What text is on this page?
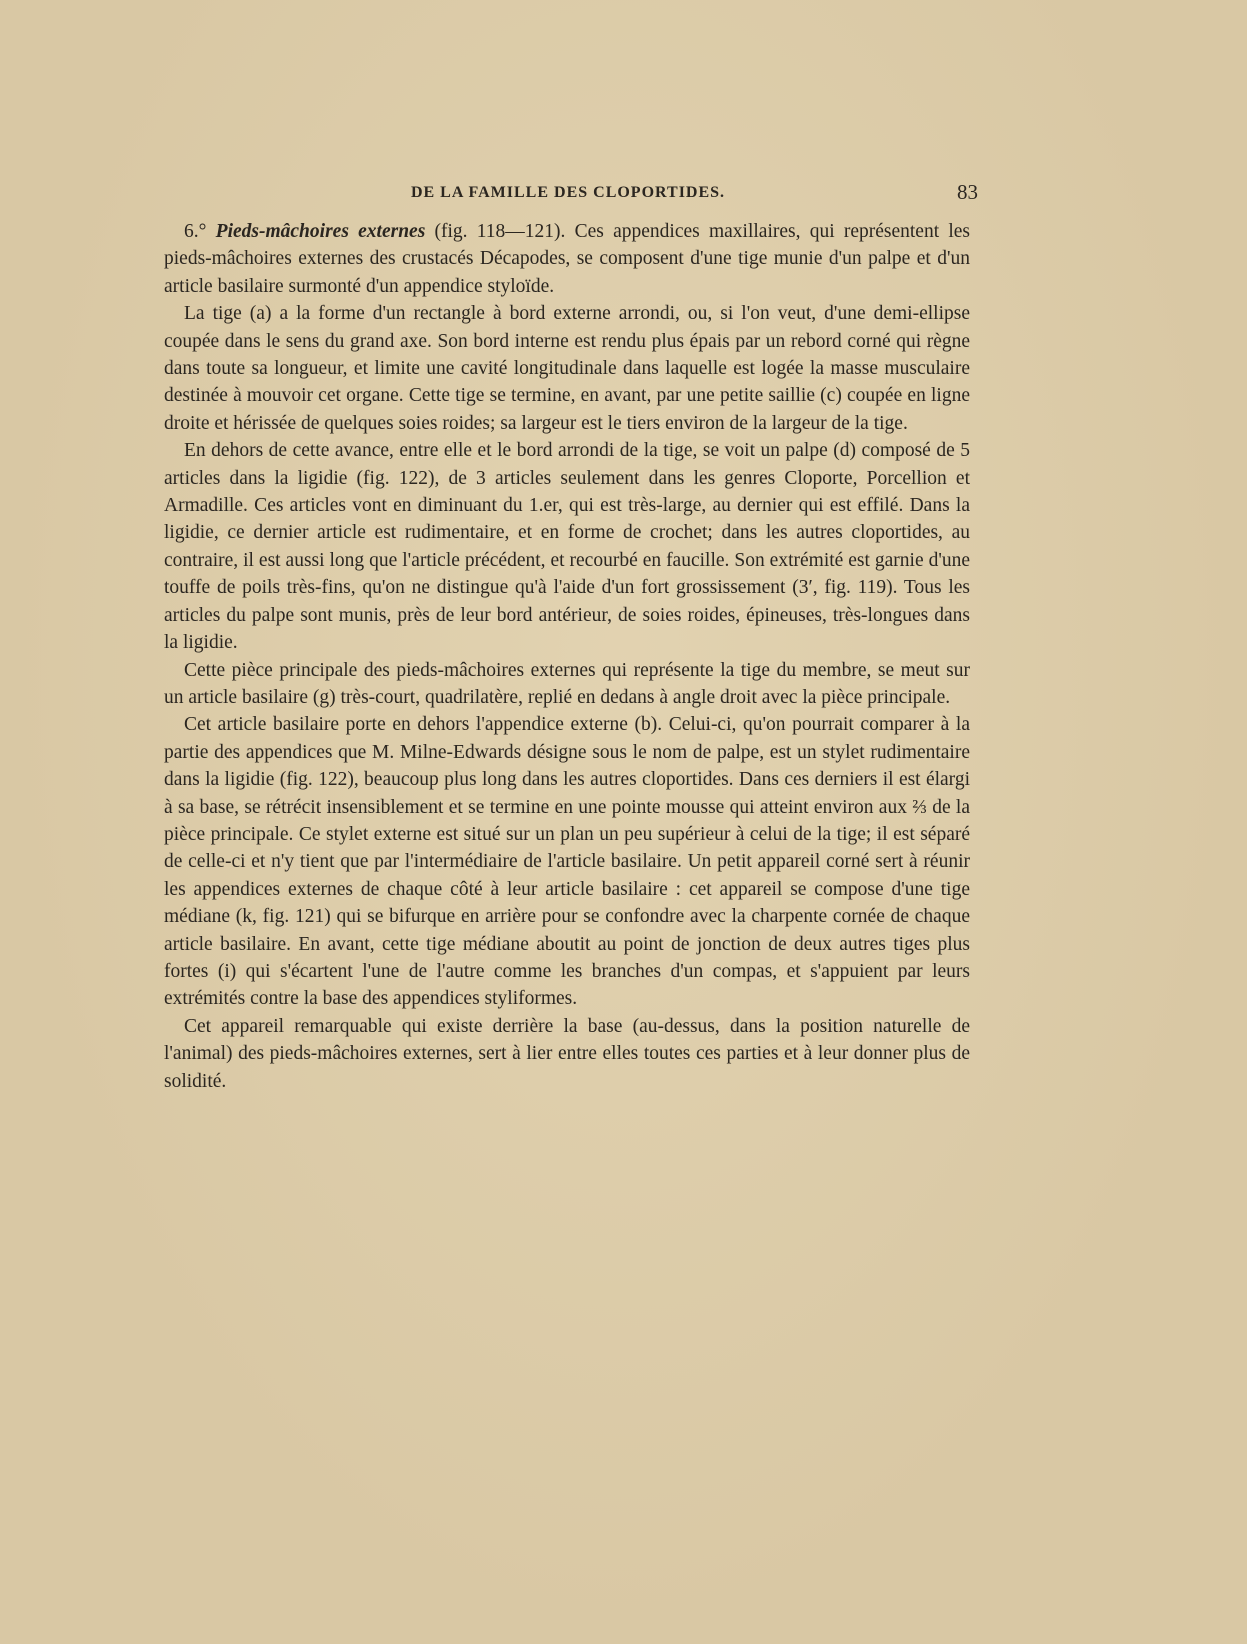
DE LA FAMILLE DES CLOPORTIDES.	83

6.° Pieds-mâchoires externes (fig. 118—121). Ces appendices maxillaires, qui représentent les pieds-mâchoires externes des crustacés Décapodes, se composent d'une tige munie d'un palpe et d'un article basilaire surmonté d'un appendice styloïde.

La tige (a) a la forme d'un rectangle à bord externe arrondi, ou, si l'on veut, d'une demi-ellipse coupée dans le sens du grand axe. Son bord interne est rendu plus épais par un rebord corné qui règne dans toute sa longueur, et limite une cavité longitudinale dans laquelle est logée la masse musculaire destinée à mouvoir cet organe. Cette tige se termine, en avant, par une petite saillie (c) coupée en ligne droite et hérissée de quelques soies roides; sa largeur est le tiers environ de la largeur de la tige.

En dehors de cette avance, entre elle et le bord arrondi de la tige, se voit un palpe (d) composé de 5 articles dans la ligidie (fig. 122), de 3 articles seulement dans les genres Cloporte, Porcellion et Armadille. Ces articles vont en diminuant du 1.er, qui est très-large, au dernier qui est effilé. Dans la ligidie, ce dernier article est rudimentaire, et en forme de crochet; dans les autres cloportides, au contraire, il est aussi long que l'article précédent, et recourbé en faucille. Son extrémité est garnie d'une touffe de poils très-fins, qu'on ne distingue qu'à l'aide d'un fort grossissement (3′, fig. 119). Tous les articles du palpe sont munis, près de leur bord antérieur, de soies roides, épineuses, très-longues dans la ligidie.

Cette pièce principale des pieds-mâchoires externes qui représente la tige du membre, se meut sur un article basilaire (g) très-court, quadrilatère, replié en dedans à angle droit avec la pièce principale.

Cet article basilaire porte en dehors l'appendice externe (b). Celui-ci, qu'on pourrait comparer à la partie des appendices que M. Milne-Edwards désigne sous le nom de palpe, est un stylet rudimentaire dans la ligidie (fig. 122), beaucoup plus long dans les autres cloportides. Dans ces derniers il est élargi à sa base, se rétrécit insensiblement et se termine en une pointe mousse qui atteint environ aux ⅔ de la pièce principale. Ce stylet externe est situé sur un plan un peu supérieur à celui de la tige; il est séparé de celle-ci et n'y tient que par l'intermédiaire de l'article basilaire. Un petit appareil corné sert à réunir les appendices externes de chaque côté à leur article basilaire : cet appareil se compose d'une tige médiane (k, fig. 121) qui se bifurque en arrière pour se confondre avec la charpente cornée de chaque article basilaire. En avant, cette tige médiane aboutit au point de jonction de deux autres tiges plus fortes (i) qui s'écartent l'une de l'autre comme les branches d'un compas, et s'appuient par leurs extrémités contre la base des appendices styliformes.

Cet appareil remarquable qui existe derrière la base (au-dessus, dans la position naturelle de l'animal) des pieds-mâchoires externes, sert à lier entre elles toutes ces parties et à leur donner plus de solidité.
